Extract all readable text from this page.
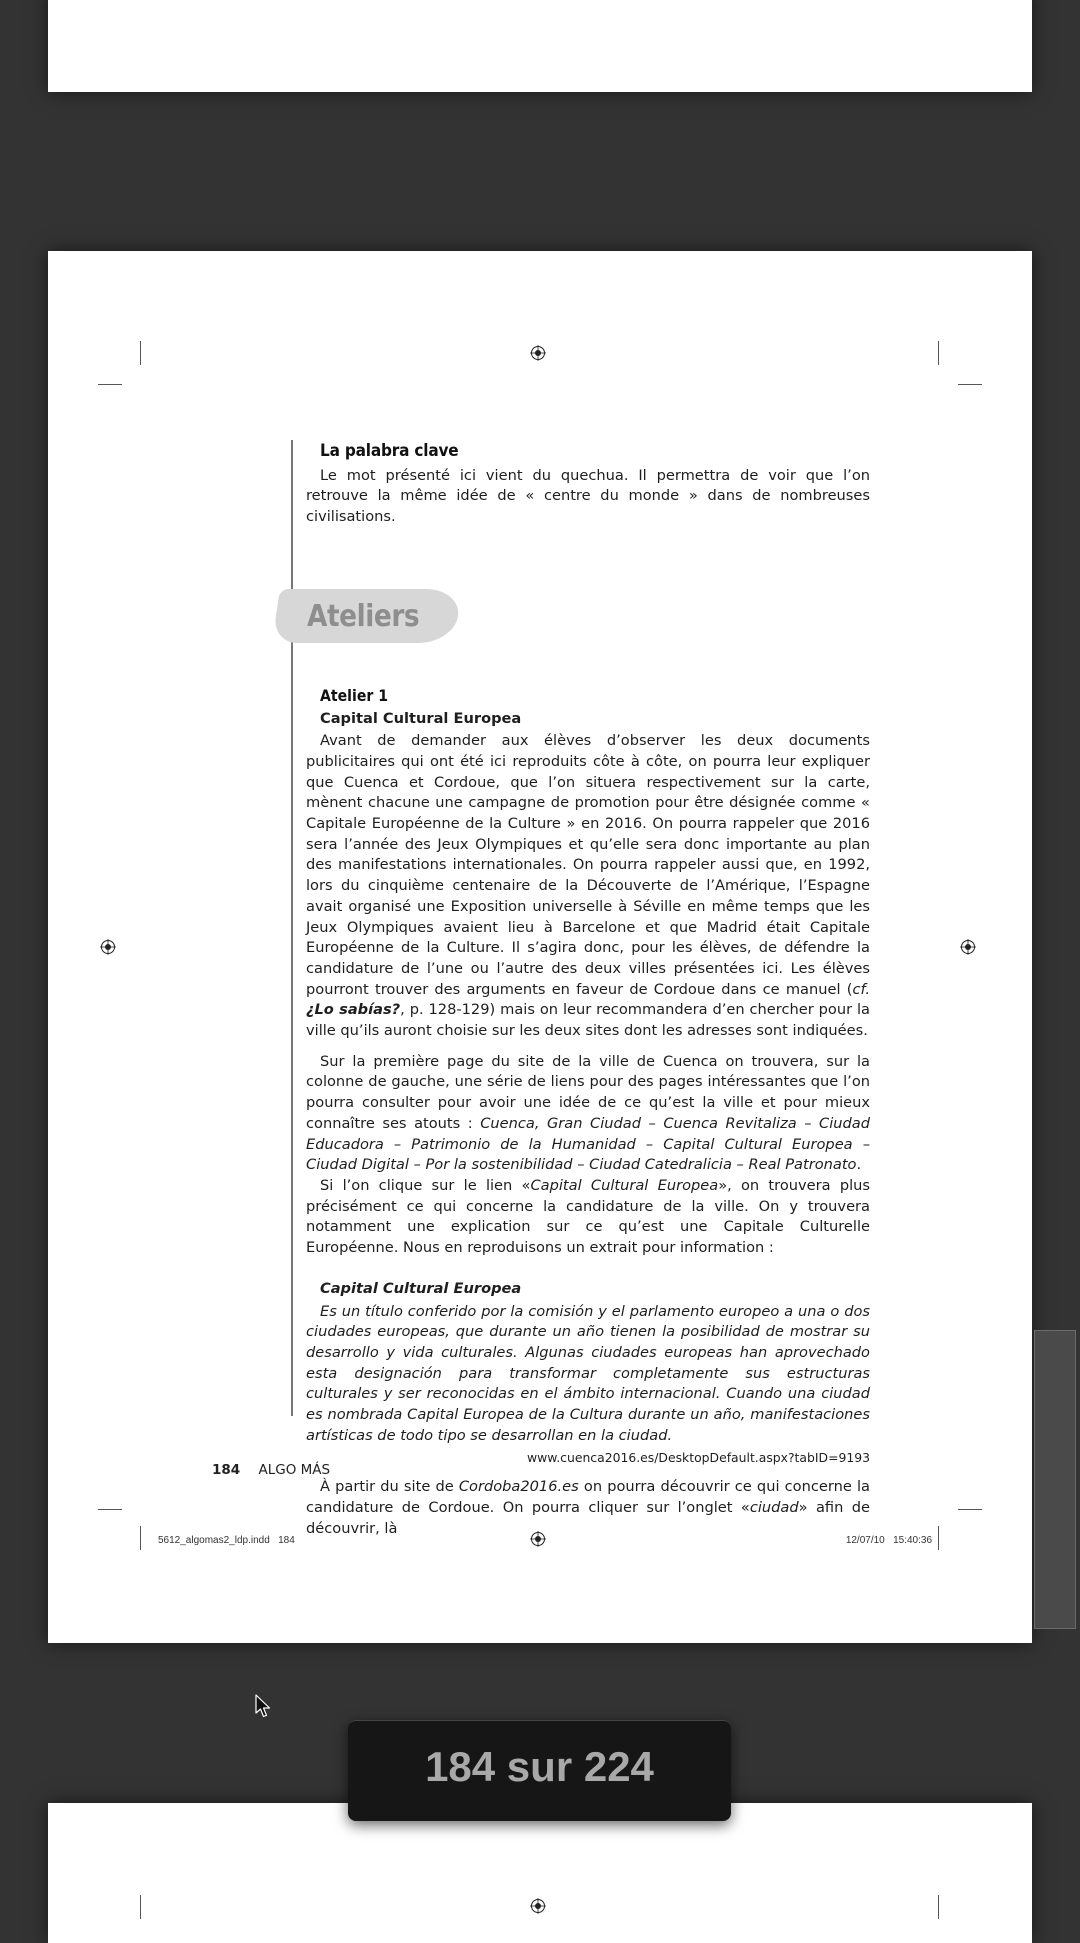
Ateliers
La palabra clave

Le mot présenté ici vient du quechua. Il permettra de voir que l’on retrouve la même idée de « centre du monde » dans de nombreuses civilisations.

Atelier 1
Capital Cultural Europea

Avant de demander aux élèves d’observer les deux documents publicitaires qui ont été ici reproduits côte à côte, on pourra leur expliquer que Cuenca et Cordoue, que l’on situera respectivement sur la carte, mènent chacune une campagne de promotion pour être désignée comme « Capitale Européenne de la Culture » en 2016. On pourra rappeler que 2016 sera l’année des Jeux Olympiques et qu’elle sera donc importante au plan des manifestations internationales. On pourra rappeler aussi que, en 1992, lors du cinquième centenaire de la Découverte de l’Amérique, l’Espagne avait organisé une Exposition universelle à Séville en même temps que les Jeux Olympiques avaient lieu à Barcelone et que Madrid était Capitale Européenne de la Culture. Il s’agira donc, pour les élèves, de défendre la candidature de l’une ou l’autre des deux villes présentées ici. Les élèves pourront trouver des arguments en faveur de Cordoue dans ce manuel (cf. ¿Lo sabías?, p. 128-129) mais on leur recommandera d’en chercher pour la ville qu’ils auront choisie sur les deux sites dont les adresses sont indiquées.

Sur la première page du site de la ville de Cuenca on trouvera, sur la colonne de gauche, une série de liens pour des pages intéressantes que l’on pourra consulter pour avoir une idée de ce qu’est la ville et pour mieux connaître ses atouts : Cuenca, Gran Ciudad – Cuenca Revitaliza – Ciudad Educadora – Patrimonio de la Humanidad – Capital Cultural Europea – Ciudad Digital – Por la sostenibilidad – Ciudad Catedralicia – Real Patronato.

Si l’on clique sur le lien «Capital Cultural Europea», on trouvera plus précisément ce qui concerne la candidature de la ville. On y trouvera notamment une explication sur ce qu’est une Capitale Culturelle Européenne. Nous en reproduisons un extrait pour information :

Capital Cultural Europea

Es un título conferido por la comisión y el parlamento europeo a una o dos ciudades europeas, que durante un año tienen la posibilidad de mostrar su desarrollo y vida culturales. Algunas ciudades europeas han aprovechado esta designación para transformar completamente sus estructuras culturales y ser reconocidas en el ámbito internacional. Cuando una ciudad es nombrada Capital Europea de la Cultura durante un año, manifestaciones artísticas de todo tipo se desarrollan en la ciudad.

www.cuenca2016.es/DesktopDefault.aspx?tabID=9193

À partir du site de Cordoba2016.es on pourra découvrir ce qui concerne la candidature de Cordoue. On pourra cliquer sur l’onglet «ciudad» afin de découvrir, là

184 ALGO MÁS
5612_algomas2_ldp.indd   184	12/07/10   15:40:36
184 sur 224
